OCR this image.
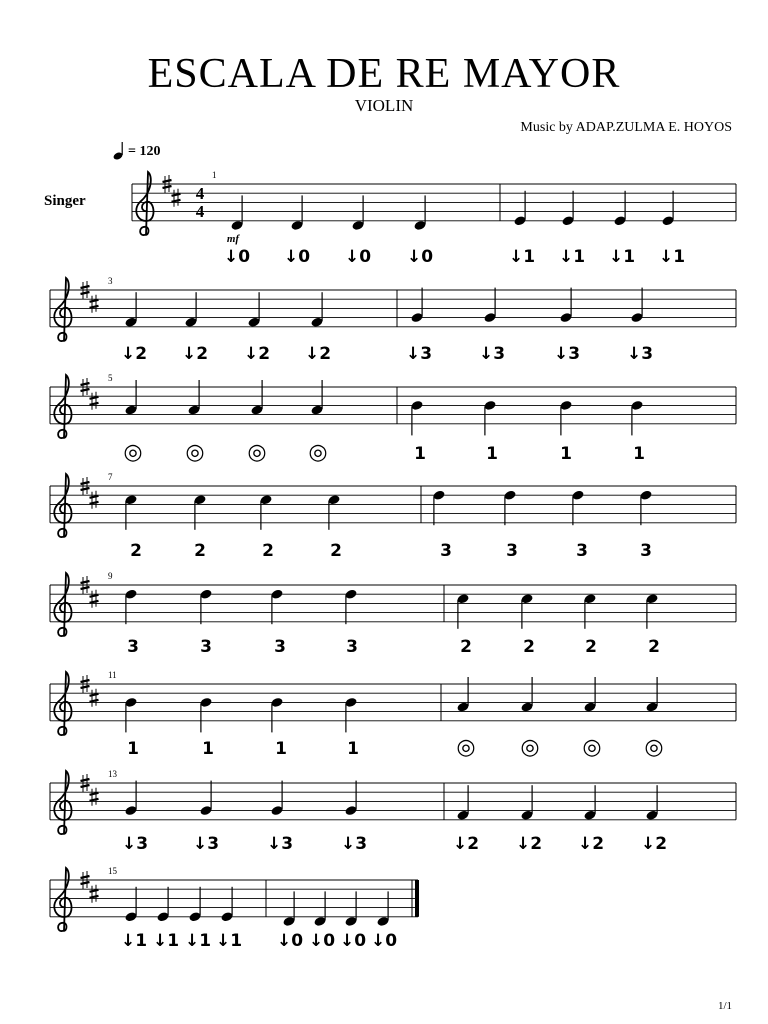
ESCALA DE RE MAYOR
VIOLIN
Music by ADAP.ZULMA E. HOYOS
= 120
Singer
1/1
4
4
mf
1
↓0 ↓0 ↓0 ↓0	↓1 ↓1 ↓1 ↓1
3
↓2 ↓2 ↓2 ↓2	↓3	↓3	↓3	↓3
5
◎ ◎ ◎ ◎	1	1	1	1
7
2	2	2	2	3	3	3	3
9
3	3	3	3	2	2	2	2
11
1	1	1	1	◎ ◎ ◎ ◎
13
↓3	↓3	↓3	↓3	↓2 ↓2 ↓2 ↓2
15
↓1 ↓1 ↓1 ↓1 ↓0 ↓0 ↓0 ↓0
